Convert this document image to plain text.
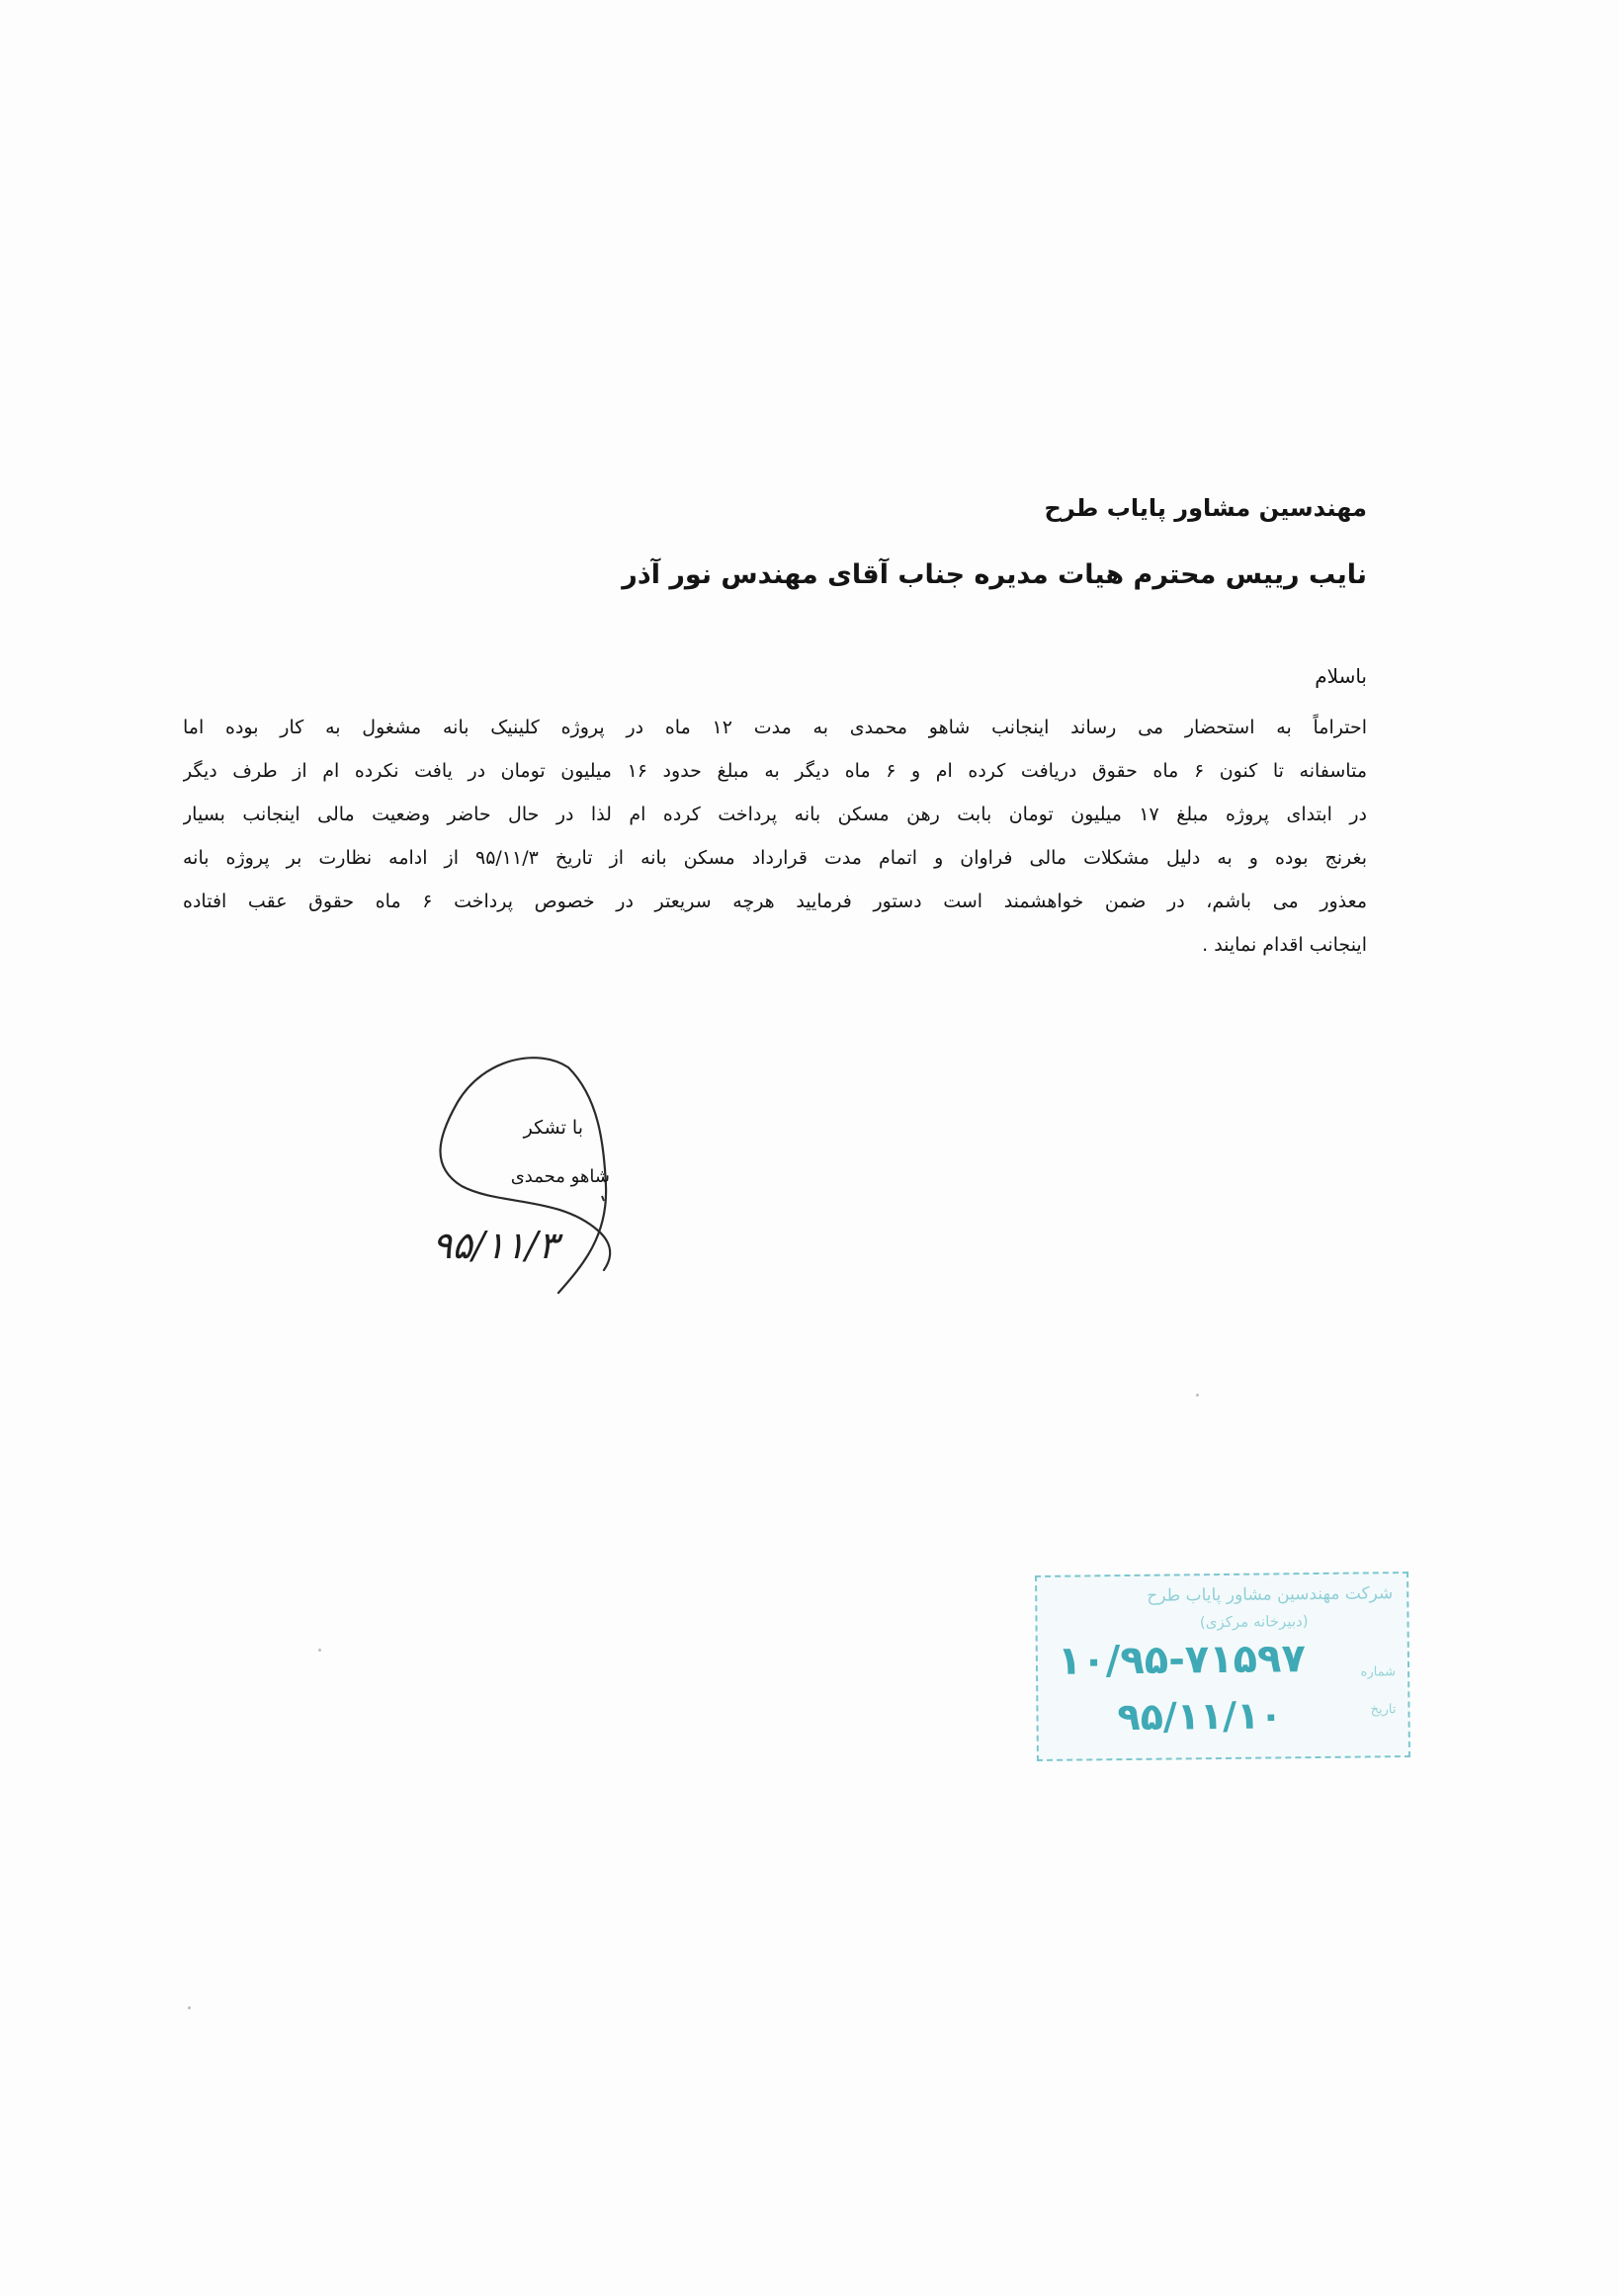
مهندسین مشاور پایاب طرح
نایب رییس محترم هیات مدیره جناب آقای مهندس نور آذر
باسلام
احتراماً به استحضار می رساند اینجانب شاهو محمدی به مدت ۱۲ ماه در پروژه کلینیک بانه مشغول به کار بوده اما
متاسفانه تا کنون ۶ ماه حقوق دریافت کرده ام و ۶ ماه دیگر به مبلغ حدود ۱۶ میلیون تومان در یافت نکرده ام از طرف دیگر
در ابتدای پروژه مبلغ ۱۷ میلیون تومان بابت رهن مسکن بانه پرداخت کرده ام لذا در حال حاضر وضعیت مالی اینجانب بسیار
بغرنج بوده و به دلیل مشکلات مالی فراوان و اتمام مدت قرارداد مسکن بانه از تاریخ ۹۵/۱۱/۳ از ادامه نظارت بر پروژه بانه
معذور می باشم، در ضمن خواهشمند است دستور فرمایید هرچه سریعتر در خصوص پرداخت ۶ ماه حقوق عقب افتاده
اینجانب اقدام نمایند .
با تشکر
شاهو محمدی
۹۵/۱۱/۳
شرکت مهندسین مشاور پایاب طرح
(دبیرخانه مرکزی)
۱۰/۹۵-۷۱۵۹۷
۹۵/۱۱/۱۰
شماره
تاریخ
